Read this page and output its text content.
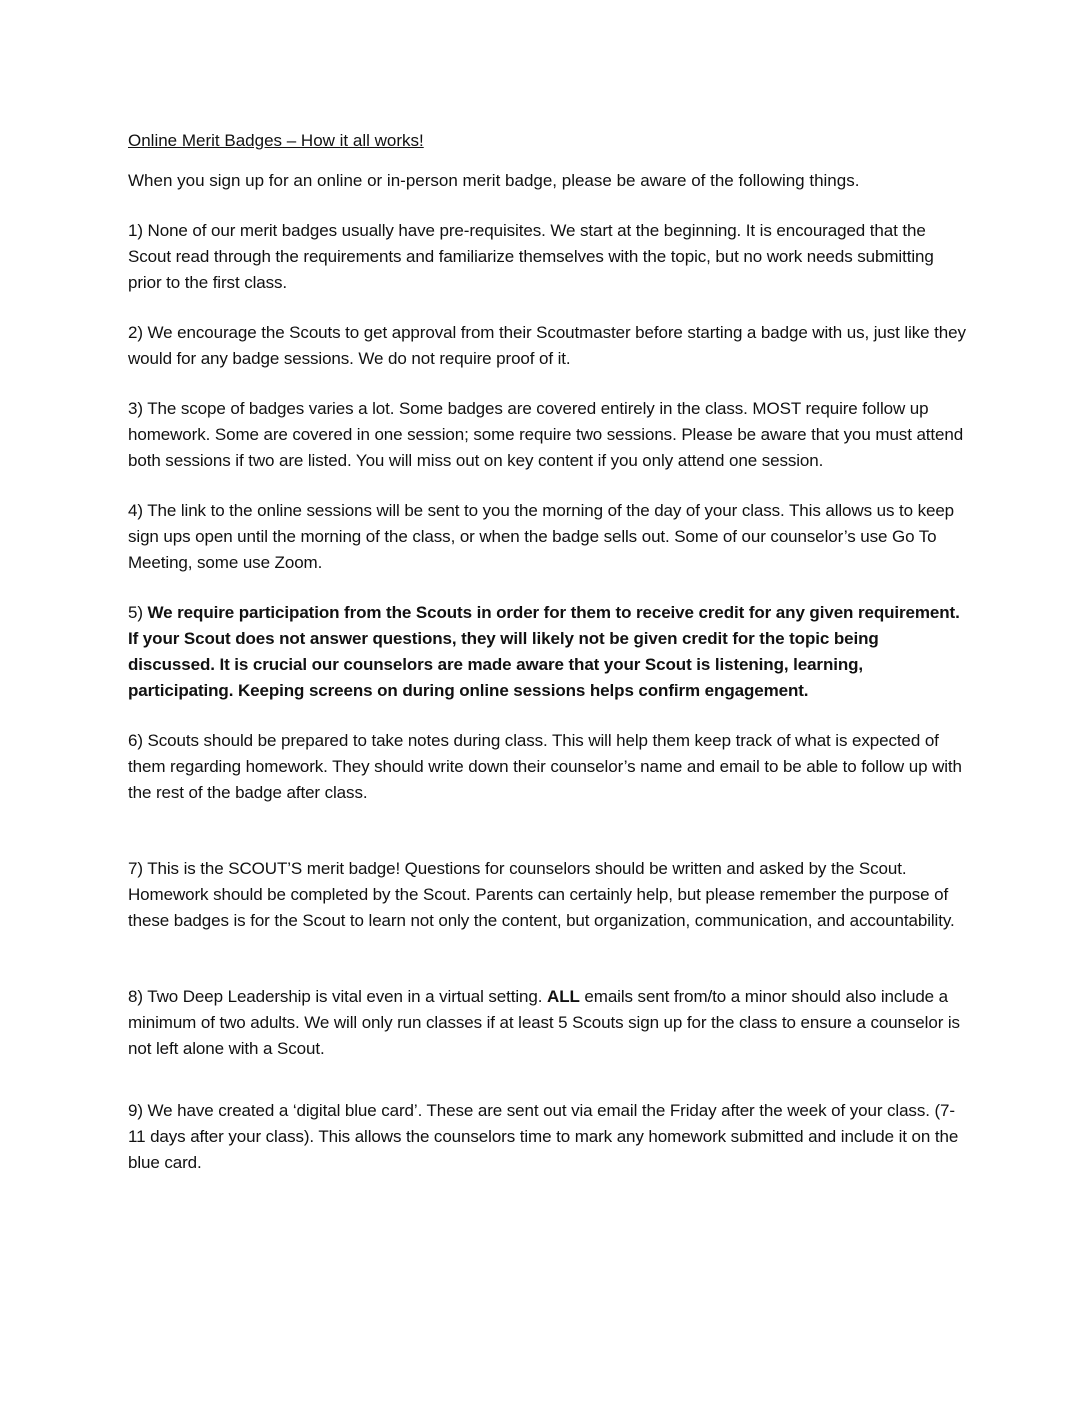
Online Merit Badges – How it all works!

When you sign up for an online or in-person merit badge, please be aware of the following things.

1) None of our merit badges usually have pre-requisites. We start at the beginning. It is encouraged that the Scout read through the requirements and familiarize themselves with the topic, but no work needs submitting prior to the first class.

2) We encourage the Scouts to get approval from their Scoutmaster before starting a badge with us, just like they would for any badge sessions. We do not require proof of it.

3) The scope of badges varies a lot. Some badges are covered entirely in the class. MOST require follow up homework. Some are covered in one session; some require two sessions. Please be aware that you must attend both sessions if two are listed. You will miss out on key content if you only attend one session.

4) The link to the online sessions will be sent to you the morning of the day of your class. This allows us to keep sign ups open until the morning of the class, or when the badge sells out. Some of our counselor’s use Go To Meeting, some use Zoom.

5) We require participation from the Scouts in order for them to receive credit for any given requirement. If your Scout does not answer questions, they will likely not be given credit for the topic being discussed. It is crucial our counselors are made aware that your Scout is listening, learning, participating. Keeping screens on during online sessions helps confirm engagement.

6) Scouts should be prepared to take notes during class. This will help them keep track of what is expected of them regarding homework. They should write down their counselor’s name and email to be able to follow up with the rest of the badge after class.

7) This is the SCOUT’S merit badge! Questions for counselors should be written and asked by the Scout. Homework should be completed by the Scout. Parents can certainly help, but please remember the purpose of these badges is for the Scout to learn not only the content, but organization, communication, and accountability.

8) Two Deep Leadership is vital even in a virtual setting. ALL emails sent from/to a minor should also include a minimum of two adults. We will only run classes if at least 5 Scouts sign up for the class to ensure a counselor is not left alone with a Scout.

9) We have created a ‘digital blue card’. These are sent out via email the Friday after the week of your class. (7-11 days after your class). This allows the counselors time to mark any homework submitted and include it on the blue card.
